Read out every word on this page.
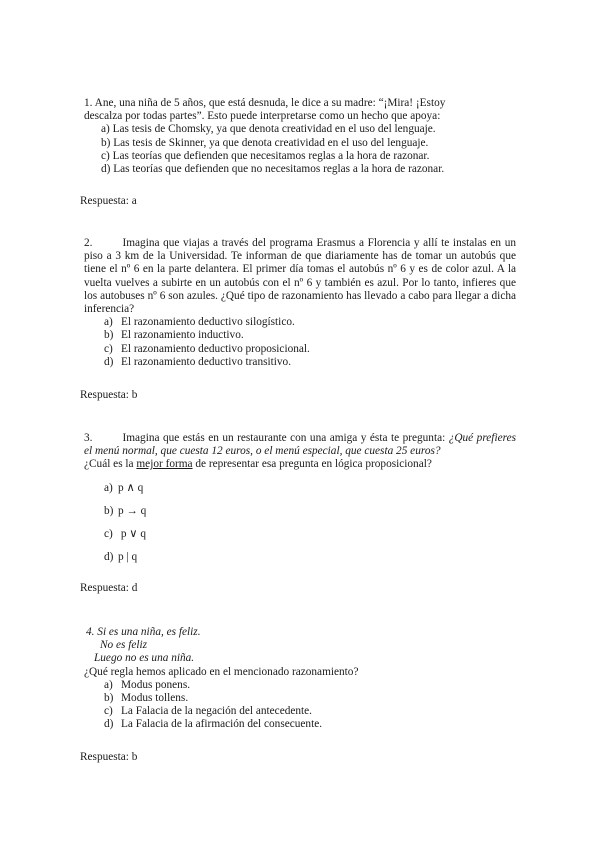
1. Ane, una niña de 5 años, que está desnuda, le dice a su madre: “¡Mira! ¡Estoy

descalza por todas partes”. Esto puede interpretarse como un hecho que apoya:

a) Las tesis de Chomsky, ya que denota creatividad en el uso del lenguaje.
b) Las tesis de Skinner, ya que denota creatividad en el uso del lenguaje.
c) Las teorías que defienden que necesitamos reglas a la hora de razonar.
d) Las teorías que defienden que no necesitamos reglas a la hora de razonar.
Respuesta: a

2.	Imagina que viajas a través del programa Erasmus a Florencia y allí te instalas en un piso a 3 km de la Universidad. Te informan de que diariamente has de tomar un autobús que tiene el nº 6 en la parte delantera. El primer día tomas el autobús nº 6 y es de color azul. A la vuelta vuelves a subirte en un autobús con el nº 6 y también es azul. Por lo tanto, infieres que los autobuses nº 6 son azules. ¿Qué tipo de razonamiento has llevado a cabo para llegar a dicha inferencia?

a) El razonamiento deductivo silogístico.
b) El razonamiento inductivo.
c) El razonamiento deductivo proposicional.
d) El razonamiento deductivo transitivo.
Respuesta: b

3.	Imagina que estás en un restaurante con una amiga y ésta te pregunta: ¿Qué prefieres el menú normal, que cuesta 12 euros, o el menú especial, que cuesta 25 euros?

¿Cuál es la mejor forma de representar esa pregunta en lógica proposicional?

a) p ∧ q
b) p → q
c) p ∨ q
d) p | q
Respuesta: d

4. Si es una niña, es feliz.

No es feliz

Luego no es una niña.

¿Qué regla hemos aplicado en el mencionado razonamiento?

a) Modus ponens.
b) Modus tollens.
c) La Falacia de la negación del antecedente.
d) La Falacia de la afirmación del consecuente.
Respuesta: b
